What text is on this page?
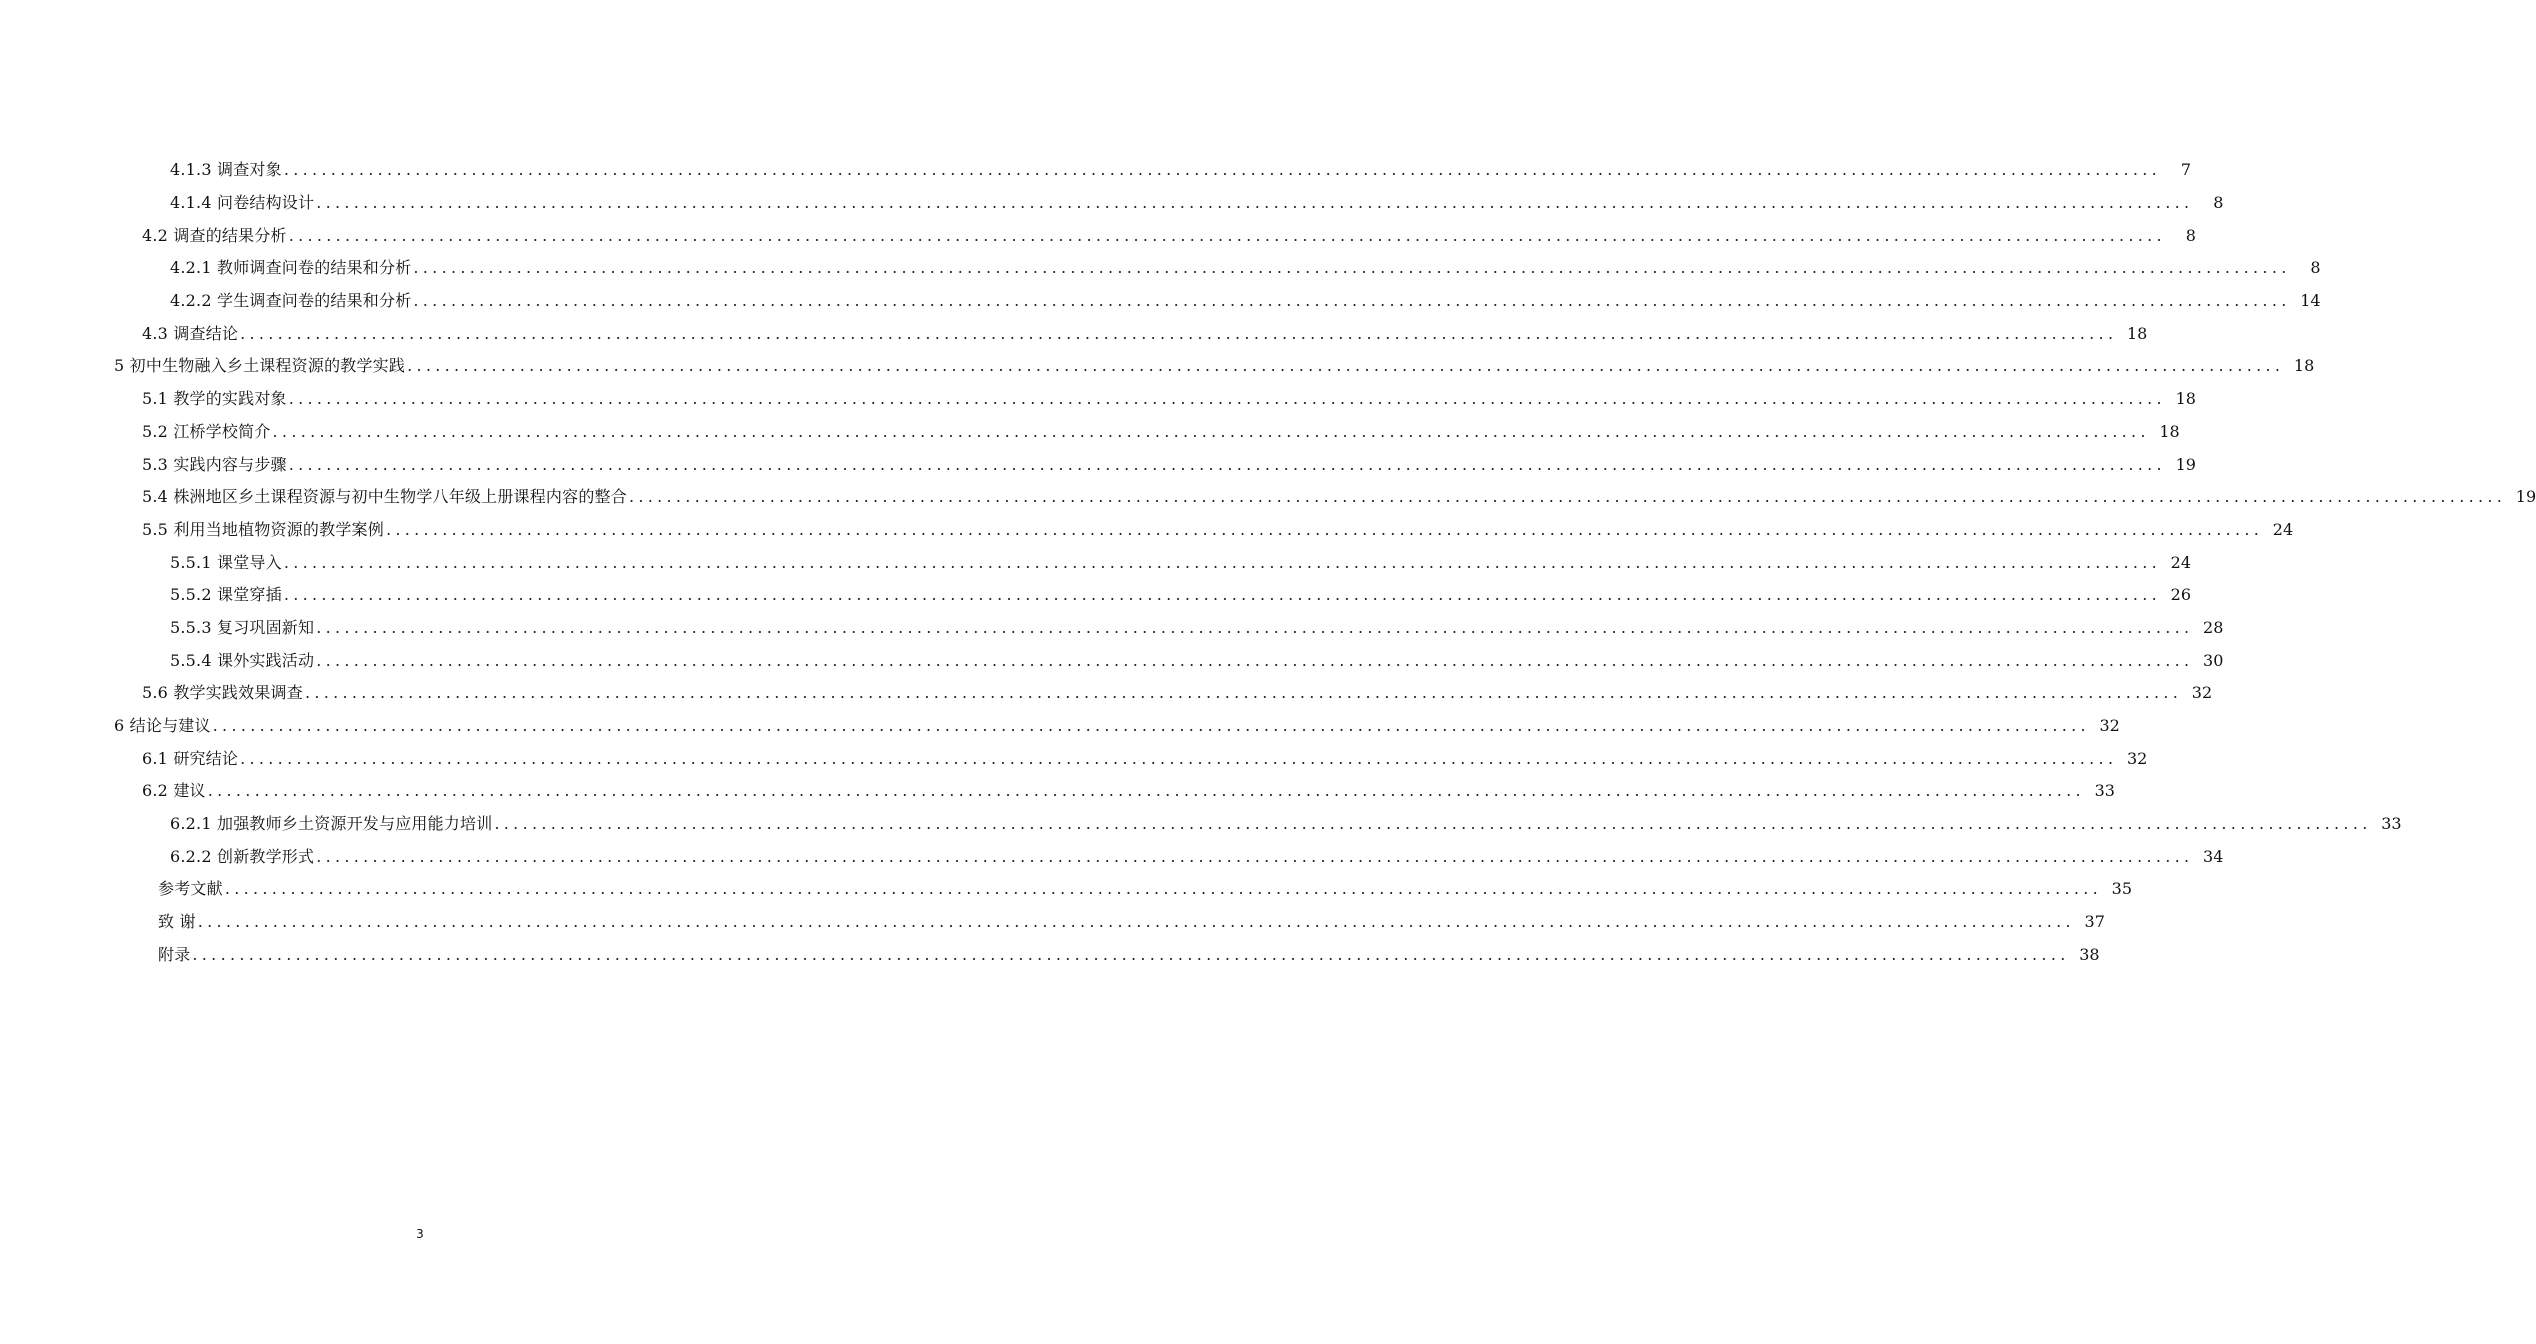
4.1.3 调查对象 ........................................................................................................................................................................................................	7
4.1.4 问卷结构设计 ........................................................................................................................................................................................................	8
4.2 调查的结果分析 ........................................................................................................................................................................................................	8
4.2.1 教师调查问卷的结果和分析 ........................................................................................................................................................................................................	8
4.2.2 学生调查问卷的结果和分析 ........................................................................................................................................................................................................ 14
4.3 调查结论 ........................................................................................................................................................................................................ 18
5 初中生物融入乡土课程资源的教学实践 ........................................................................................................................................................................................................ 18
5.1 教学的实践对象 ........................................................................................................................................................................................................ 18
5.2 江桥学校简介 ........................................................................................................................................................................................................ 18
5.3 实践内容与步骤 ........................................................................................................................................................................................................ 19
5.4 株洲地区乡土课程资源与初中生物学八年级上册课程内容的整合 ........................................................................................................................................................................................................ 19
5.5 利用当地植物资源的教学案例 ........................................................................................................................................................................................................ 24
5.5.1 课堂导入 ........................................................................................................................................................................................................ 24
5.5.2 课堂穿插 ........................................................................................................................................................................................................ 26
5.5.3 复习巩固新知 ........................................................................................................................................................................................................ 28
5.5.4 课外实践活动 ........................................................................................................................................................................................................ 30
5.6 教学实践效果调查 ........................................................................................................................................................................................................ 32
6 结论与建议 ........................................................................................................................................................................................................ 32
6.1 研究结论 ........................................................................................................................................................................................................ 32
6.2 建议 ........................................................................................................................................................................................................ 33
6.2.1 加强教师乡土资源开发与应用能力培训 ........................................................................................................................................................................................................ 33
6.2.2 创新教学形式 ........................................................................................................................................................................................................ 34
参考文献 ........................................................................................................................................................................................................ 35
致 谢 ........................................................................................................................................................................................................ 37
附录 ........................................................................................................................................................................................................ 38
3
